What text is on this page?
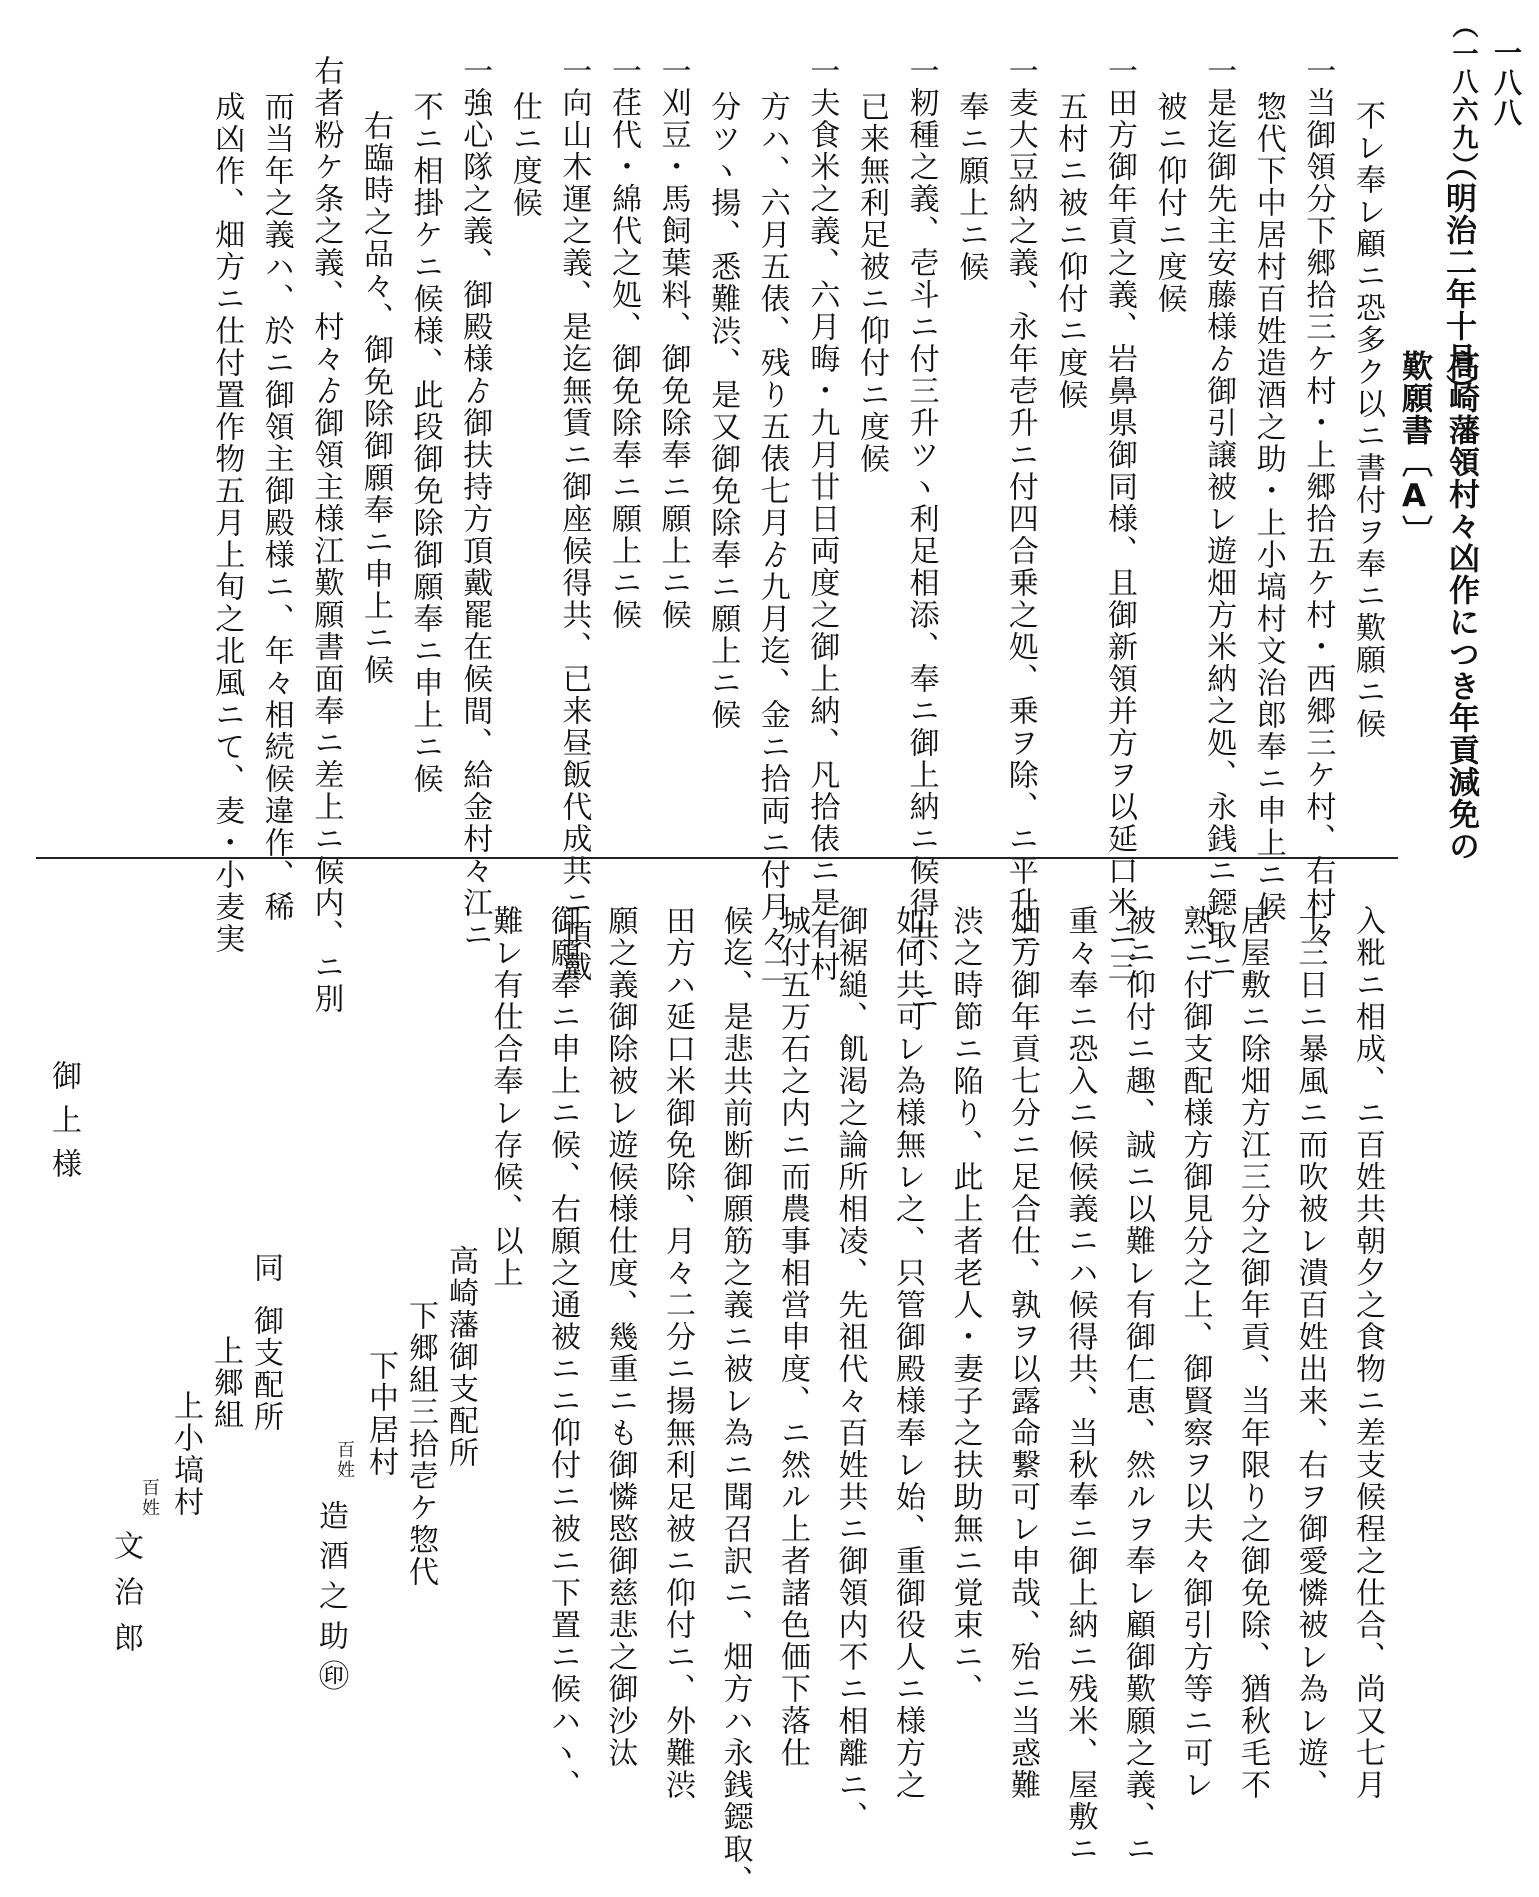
一八八
（一八六九）
（明治二年十月）
高崎藩領村々凶作につき年貢減免の
歎願書〔A〕
不レ奉レ顧ニ恐多ク以ニ書付ヲ奉ニ歎願ニ候
一当御領分下郷拾三ケ村・上郷拾五ケ村・西郷三ケ村、右村々
惣代下中居村百姓造酒之助・上小塙村文治郎奉ニ申上ニ候
一是迄御先主安藤様ゟ御引譲被レ遊畑方米納之処、永銭ニ鐚取ニ
被ニ仰付ニ度候
一田方御年貢之義、岩鼻県御同様、且御新領并方ヲ以延口米ニ三
五村ニ被ニ仰付ニ度候
一麦大豆納之義、永年壱升ニ付四合乗之処、乗ヲ除、ニ平升ニ
奉ニ願上ニ候
一籾種之義、壱斗ニ付三升ツヽ利足相添、奉ニ御上納ニ候得共、ニ
已来無利足被ニ仰付ニ度候
一夫食米之義、六月晦・九月廿日両度之御上納、凡拾俵ニ是有村
方ハ、六月五俵、残り五俵七月ゟ九月迄、金ニ拾両ニ付月々二
分ツヽ揚、悉難渋、是又御免除奉ニ願上ニ候
一刈豆・馬飼葉料、御免除奉ニ願上ニ候
一荏代・綿代之処、御免除奉ニ願上ニ候
一向山木運之義、是迄無賃ニ御座候得共、已来昼飯代成共ニ頂戴
仕ニ度候
一強心隊之義、御殿様ゟ御扶持方頂戴罷在候間、給金村々江ニ
不ニ相掛ケニ候様、此段御免除御願奉ニ申上ニ候
右臨時之品々、御免除御願奉ニ申上ニ候
右者粉ケ条之義、村々ゟ御領主様江歎願書面奉ニ差上ニ候内、ニ別
而当年之義ハ、於ニ御領主御殿様ニ、年々相続候違作、稀
成凶作、畑方ニ仕付置作物五月上旬之北風ニて、麦・小麦実
入粃ニ相成、ニ百姓共朝夕之食物ニ差支候程之仕合、尚又七月
十三日ニ暴風ニ而吹被レ潰百姓出来、右ヲ御愛憐被レ為レ遊、
居屋敷ニ除畑方江三分之御年貢、当年限り之御免除、猶秋毛不
熟ニ付御支配様方御見分之上、御賢察ヲ以夫々御引方等ニ可レ
被ニ仰付ニ趣、誠ニ以難レ有御仁恵、然ルヲ奉レ顧御歎願之義、ニ
重々奉ニ恐入ニ候候義ニハ候得共、当秋奉ニ御上納ニ残米、屋敷ニ
畑方御年貢七分ニ足合仕、孰ヲ以露命繋可レ申哉、殆ニ当惑難
渋之時節ニ陥り、此上者老人・妻子之扶助無ニ覚束ニ、
如何共可レ為様無レ之、只管御殿様奉レ始、重御役人ニ様方之
御裾縋、飢渇之論所相凌、先祖代々百姓共ニ御領内不ニ相離ニ、
城付五万石之内ニ而農事相営申度、ニ然ル上者諸色価下落仕
候迄、是悲共前断御願筋之義ニ被レ為ニ聞召訳ニ、畑方ハ永銭鐚取、
田方ハ延口米御免除、月々二分ニ揚無利足被ニ仰付ニ、外難渋
願之義御除被レ遊候様仕度、幾重ニも御憐愍御慈悲之御沙汰
御願奉ニ申上ニ候、右願之通被ニニ仰付ニ被ニ下置ニ候ハヽ、
難レ有仕合奉レ存候、以上
高崎藩御支配所
下郷組三拾壱ケ惣代
下中居村
百姓
造酒之助㊞
同
御支配所
上郷組
上小塙村
百姓
文治郎
御上様
